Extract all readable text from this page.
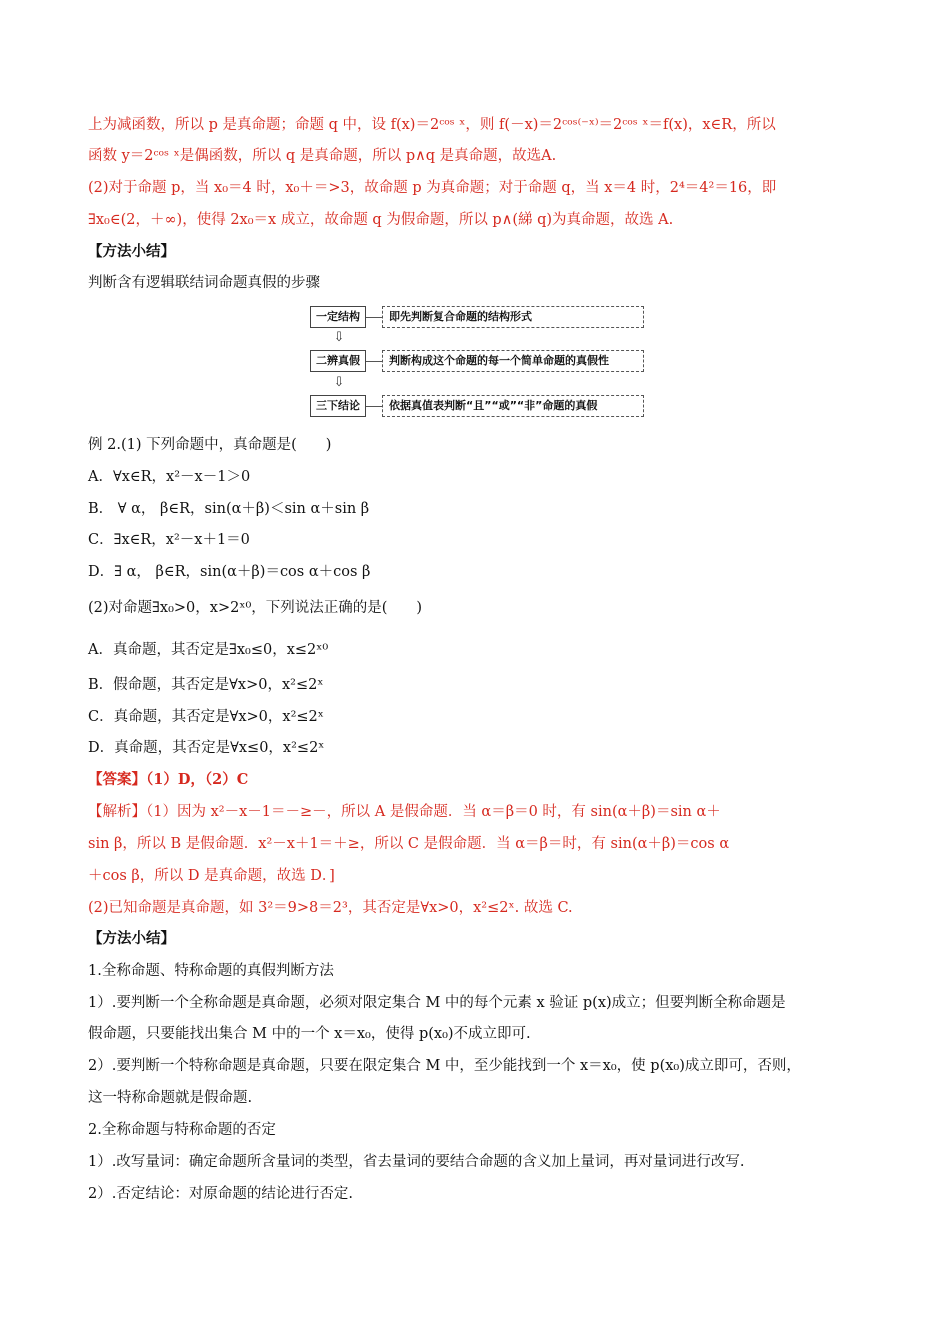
上为减函数，所以 p 是真命题；命题 q 中，设 f(x)＝2ᶜᵒˢ ˣ，则 f(－x)＝2ᶜᵒˢ⁽⁻ˣ⁾＝2ᶜᵒˢ ˣ＝f(x)，x∈R，所以
函数 y＝2ᶜᵒˢ ˣ是偶函数，所以 q 是真命题，所以 p∧q 是真命题，故选A.
(2)对于命题 p，当 x₀＝4 时，x₀＋＝>3，故命题 p 为真命题；对于命题 q，当 x＝4 时，2⁴＝4²＝16，即
∃x₀∈(2，＋∞)，使得 2x₀＝x 成立，故命题 q 为假命题，所以 p∧(綈 q)为真命题，故选 A.
【方法小结】
判断含有逻辑联结词命题真假的步骤
一定结构	即先判断复合命题的结构形式
⇩
二辨真假	判断构成这个命题的每一个简单命题的真假性
⇩
三下结论	依据真值表判断“且”“或”“非”命题的真假
例 2.(1) 下列命题中，真命题是(　　)
A．∀x∈R，x²－x－1＞0
B． ∀ α， β∈R，sin(α＋β)＜sin α＋sin β
C．∃x∈R，x²－x＋1＝0
D．∃ α， β∈R，sin(α＋β)＝cos α＋cos β
(2)对命题∃x₀>0，x>2ˣ⁰，下列说法正确的是(　　)
A．真命题，其否定是∃x₀≤0，x≤2ˣ⁰
B．假命题，其否定是∀x>0，x²≤2ˣ
C．真命题，其否定是∀x>0，x²≤2ˣ
D．真命题，其否定是∀x≤0，x²≤2ˣ
【答案】（1）D，（2）C
【解析】（1）因为 x²－x－1＝－≥－，所以 A 是假命题．当 α＝β＝0 时，有 sin(α＋β)＝sin α＋
sin β，所以 B 是假命题．x²－x＋1＝＋≥，所以 C 是假命题．当 α＝β＝时，有 sin(α＋β)＝cos α
＋cos β，所以 D 是真命题，故选 D．]
(2)已知命题是真命题，如 3²＝9>8＝2³，其否定是∀x>0，x²≤2ˣ. 故选 C.
【方法小结】
1.全称命题、特称命题的真假判断方法
1）.要判断一个全称命题是真命题，必须对限定集合 M 中的每个元素 x 验证 p(x)成立；但要判断全称命题是
假命题，只要能找出集合 M 中的一个 x＝x₀，使得 p(x₀)不成立即可.
2）.要判断一个特称命题是真命题，只要在限定集合 M 中，至少能找到一个 x＝x₀，使 p(x₀)成立即可，否则，
这一特称命题就是假命题.
2.全称命题与特称命题的否定
1）.改写量词：确定命题所含量词的类型，省去量词的要结合命题的含义加上量词，再对量词进行改写.
2）.否定结论：对原命题的结论进行否定.
